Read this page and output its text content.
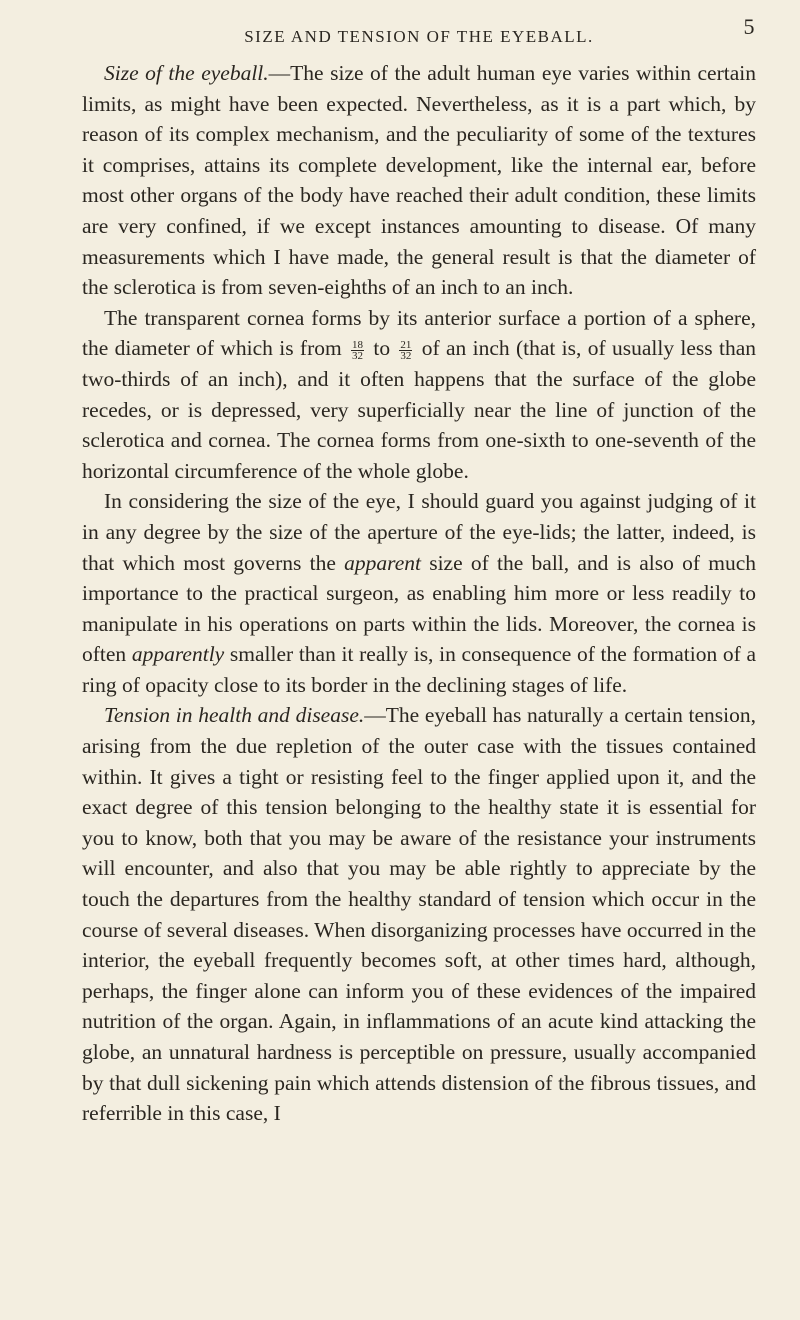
SIZE AND TENSION OF THE EYEBALL.	5

Size of the eyeball.—The size of the adult human eye varies within certain limits, as might have been expected. Nevertheless, as it is a part which, by reason of its complex mechanism, and the peculiarity of some of the textures it comprises, attains its complete development, like the internal ear, before most other organs of the body have reached their adult condition, these limits are very confined, if we except instances amounting to disease. Of many measurements which I have made, the general result is that the diameter of the sclerotica is from seven-eighths of an inch to an inch.

The transparent cornea forms by its anterior surface a portion of a sphere, the diameter of which is from $\frac{18}{32}$ to $\frac{21}{32}$ of an inch (that is, of usually less than two-thirds of an inch), and it often happens that the surface of the globe recedes, or is depressed, very superficially near the line of junction of the sclerotica and cornea. The cornea forms from one-sixth to one-seventh of the horizontal circumference of the whole globe.

In considering the size of the eye, I should guard you against judging of it in any degree by the size of the aperture of the eye-lids; the latter, indeed, is that which most governs the apparent size of the ball, and is also of much importance to the practical surgeon, as enabling him more or less readily to manipulate in his operations on parts within the lids. Moreover, the cornea is often apparently smaller than it really is, in consequence of the formation of a ring of opacity close to its border in the declining stages of life.

Tension in health and disease.—The eyeball has naturally a certain tension, arising from the due repletion of the outer case with the tissues contained within. It gives a tight or resisting feel to the finger applied upon it, and the exact degree of this tension belonging to the healthy state it is essential for you to know, both that you may be aware of the resistance your instruments will encounter, and also that you may be able rightly to appreciate by the touch the departures from the healthy standard of tension which occur in the course of several diseases. When disorganizing processes have occurred in the interior, the eyeball frequently becomes soft, at other times hard, although, perhaps, the finger alone can inform you of these evidences of the impaired nutrition of the organ. Again, in inflammations of an acute kind attacking the globe, an unnatural hardness is perceptible on pressure, usually accompanied by that dull sickening pain which attends distension of the fibrous tissues, and referrible in this case, I
